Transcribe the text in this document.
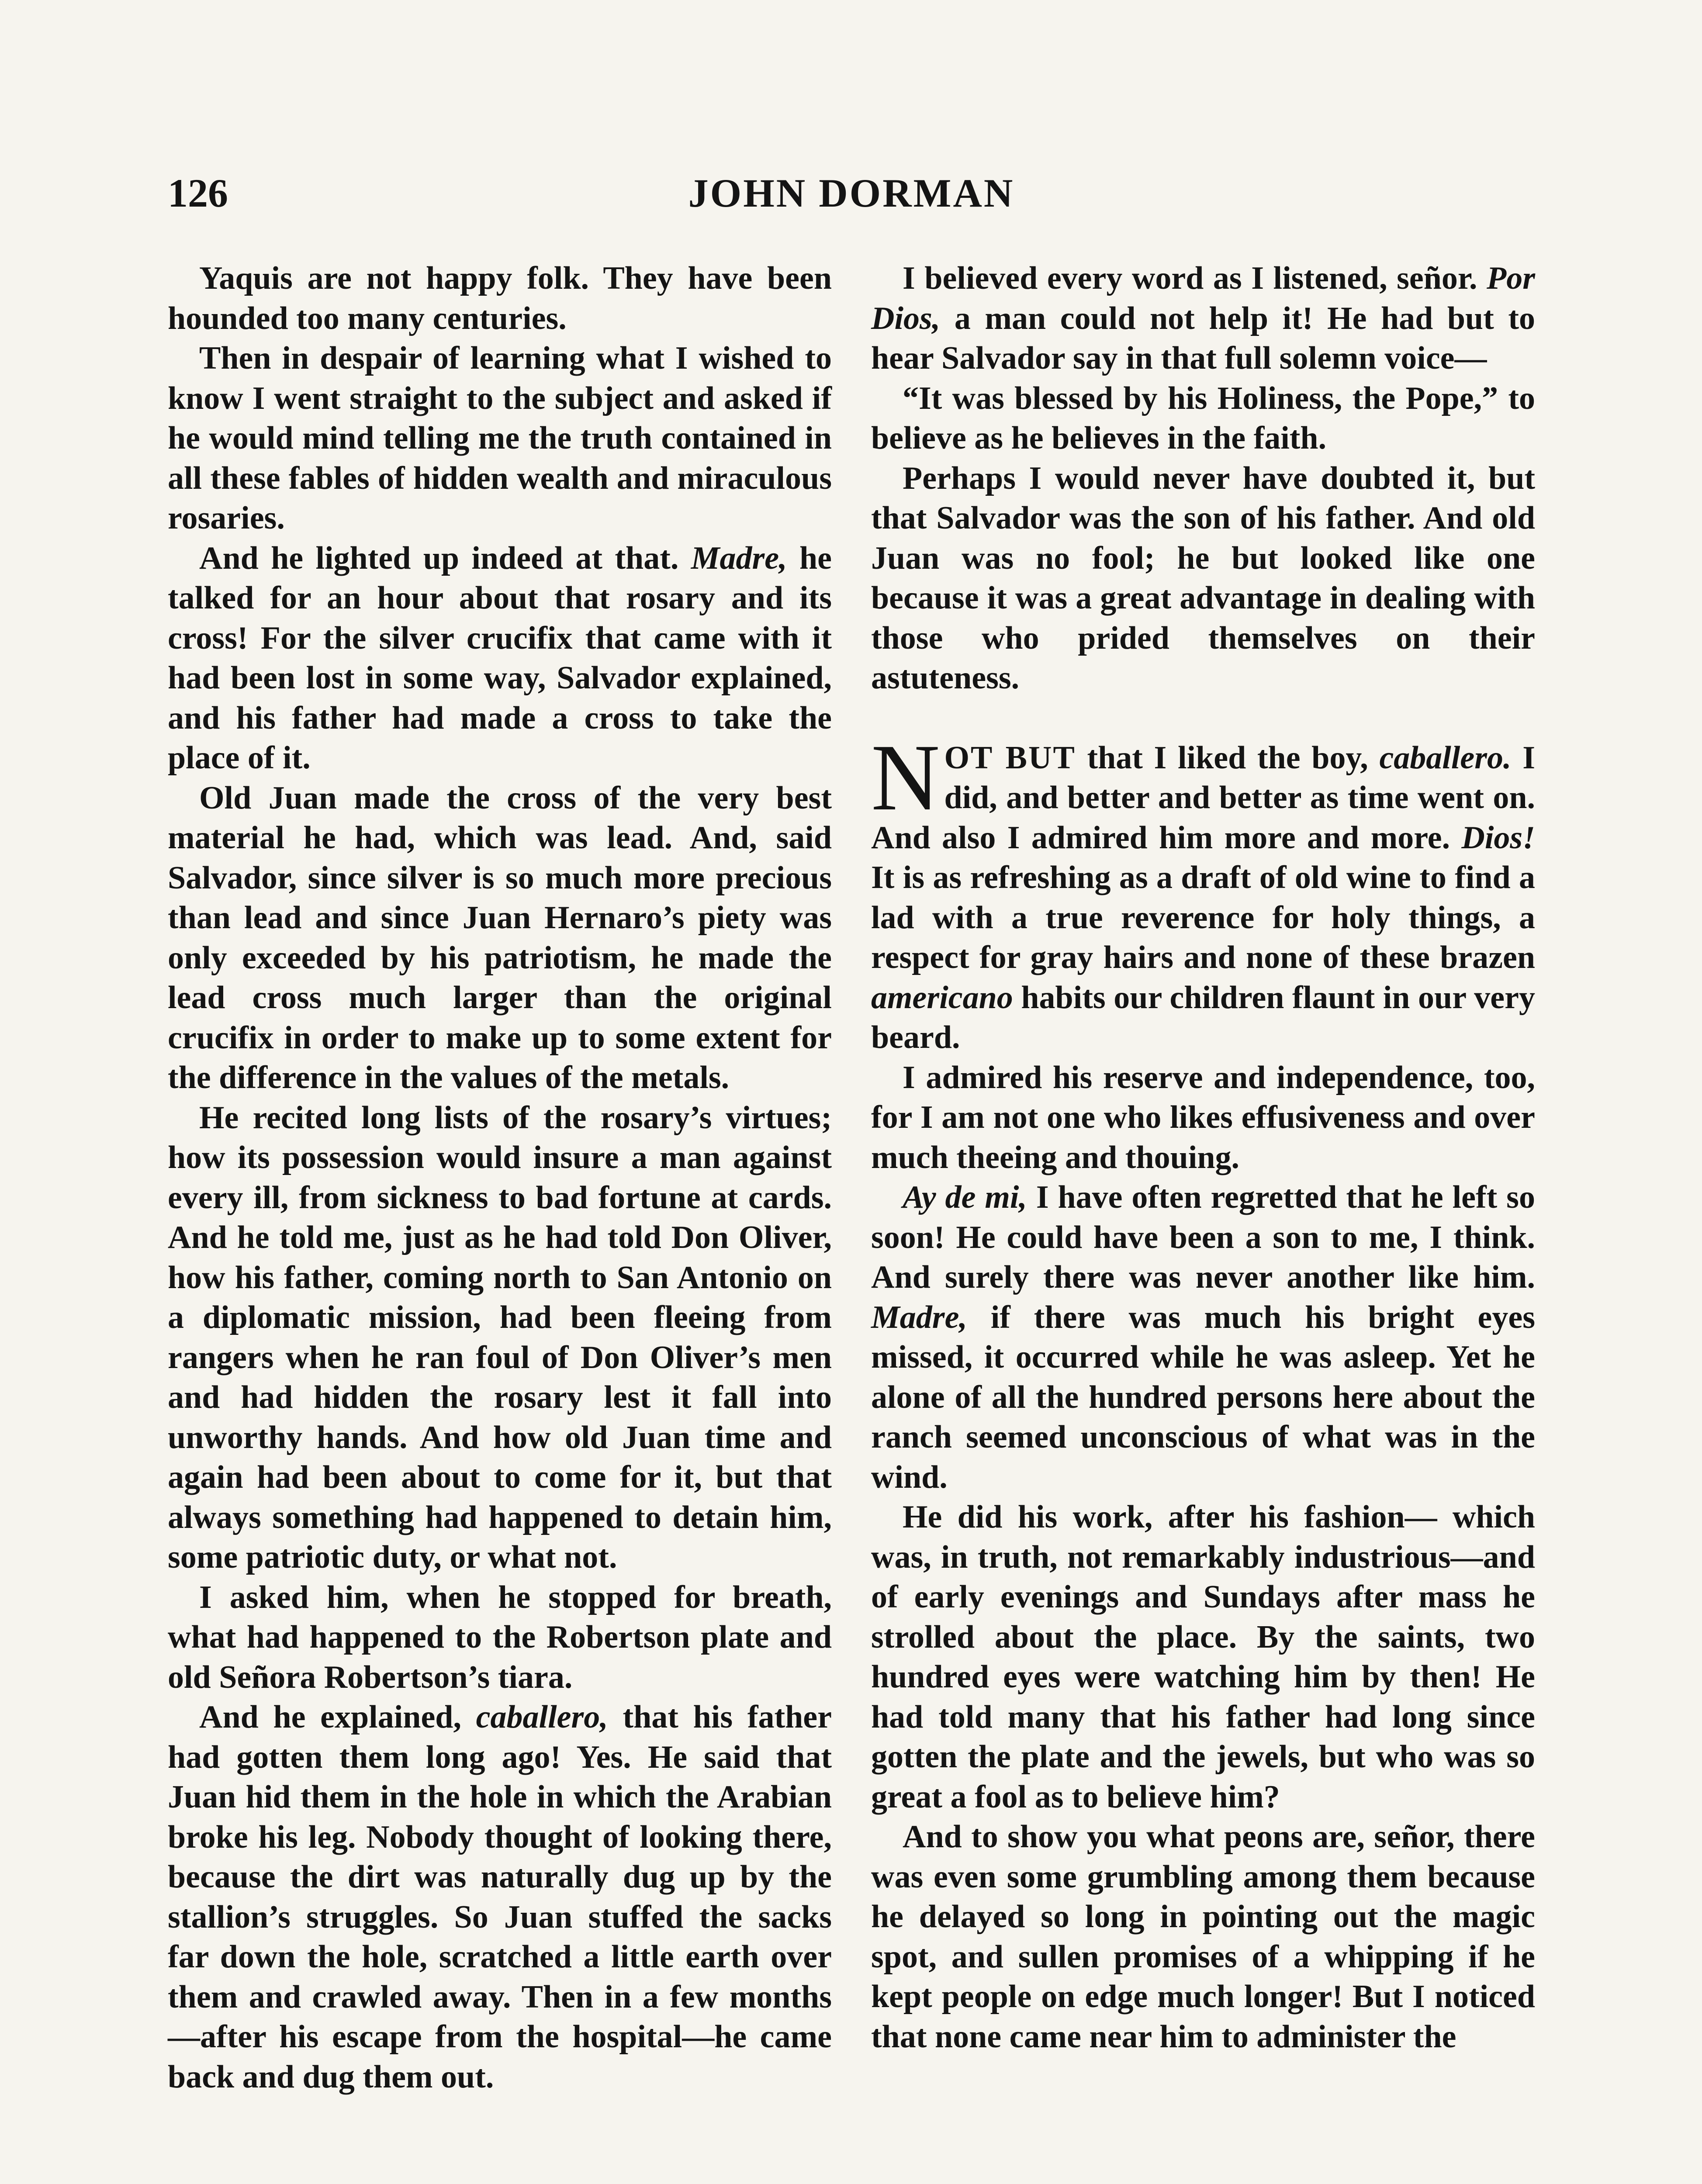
126	JOHN DORMAN

Yaquis are not happy folk. They have been hounded too many centuries.

Then in despair of learning what I wished to know I went straight to the subject and asked if he would mind telling me the truth contained in all these fables of hidden wealth and miraculous rosaries.

And he lighted up indeed at that. Madre, he talked for an hour about that rosary and its cross! For the silver crucifix that came with it had been lost in some way, Salvador explained, and his father had made a cross to take the place of it.

Old Juan made the cross of the very best material he had, which was lead. And, said Salvador, since silver is so much more precious than lead and since Juan Hernaro’s piety was only exceeded by his patriotism, he made the lead cross much larger than the original crucifix in order to make up to some extent for the difference in the values of the metals.

He recited long lists of the rosary’s virtues; how its possession would insure a man against every ill, from sickness to bad fortune at cards. And he told me, just as he had told Don Oliver, how his father, coming north to San Antonio on a diplomatic mission, had been fleeing from rangers when he ran foul of Don Oliver’s men and had hidden the rosary lest it fall into unworthy hands. And how old Juan time and again had been about to come for it, but that always something had happened to detain him, some patriotic duty, or what not.

I asked him, when he stopped for breath, what had happened to the Robertson plate and old Señora Robertson’s tiara.

And he explained, caballero, that his father had gotten them long ago! Yes. He said that Juan hid them in the hole in which the Arabian broke his leg. Nobody thought of looking there, because the dirt was naturally dug up by the stallion’s struggles. So Juan stuffed the sacks far down the hole, scratched a little earth over them and crawled away. Then in a few months—after his escape from the hospital—he came back and dug them out.

I believed every word as I listened, señor. Por Dios, a man could not help it! He had but to hear Salvador say in that full solemn voice—

“It was blessed by his Holiness, the Pope,” to believe as he believes in the faith.

Perhaps I would never have doubted it, but that Salvador was the son of his father. And old Juan was no fool; he but looked like one because it was a great advantage in dealing with those who prided themselves on their astuteness.

NOT BUT that I liked the boy, caballero. I did, and better and better as time went on. And also I admired him more and more. Dios! It is as refreshing as a draft of old wine to find a lad with a true reverence for holy things, a respect for gray hairs and none of these brazen americano habits our children flaunt in our very beard.

I admired his reserve and independence, too, for I am not one who likes effusiveness and over much theeing and thouing.

Ay de mi, I have often regretted that he left so soon! He could have been a son to me, I think. And surely there was never another like him. Madre, if there was much his bright eyes missed, it occurred while he was asleep. Yet he alone of all the hundred persons here about the ranch seemed unconscious of what was in the wind.

He did his work, after his fashion— which was, in truth, not remarkably industrious—and of early evenings and Sundays after mass he strolled about the place. By the saints, two hundred eyes were watching him by then! He had told many that his father had long since gotten the plate and the jewels, but who was so great a fool as to believe him?

And to show you what peons are, señor, there was even some grumbling among them because he delayed so long in pointing out the magic spot, and sullen promises of a whipping if he kept people on edge much longer! But I noticed that none came near him to administer the
